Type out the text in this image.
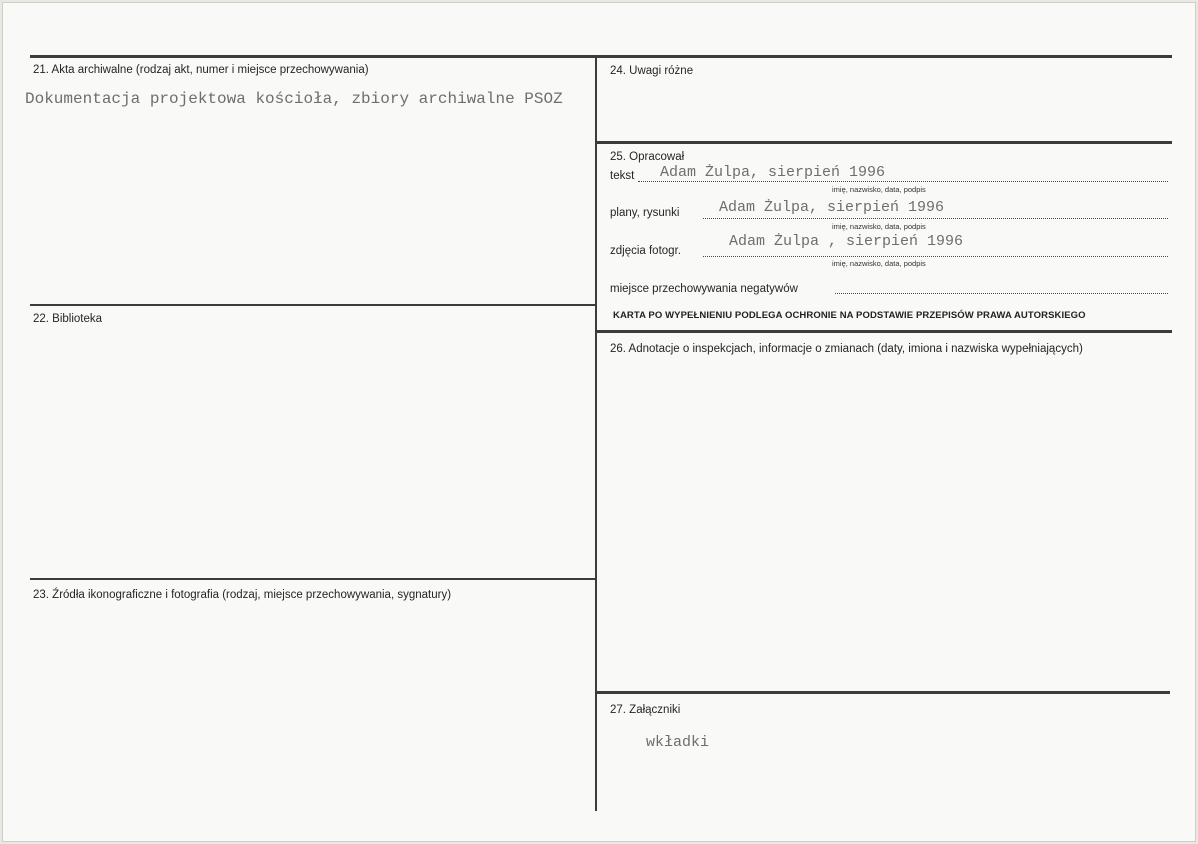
21. Akta archiwalne (rodzaj akt, numer i miejsce przechowywania)
Dokumentacja projektowa kościoła, zbiory archiwalne PSOZ
22. Biblioteka
23. Źródła ikonograficzne i fotografia (rodzaj, miejsce przechowywania, sygnatury)
24. Uwagi różne
25. Opracował
tekst Adam Żulpa, sierpień 1996
imię, nazwisko, data, podpis
plany, rysunki	Adam Żulpa, sierpień 1996
imię, nazwisko, data, podpis
zdjęcia fotogr.
Adam Żulpa , sierpień 1996
imię, nazwisko, data, podpis
miejsce przechowywania negatywów
KARTA PO WYPEŁNIENIU PODLEGA OCHRONIE NA PODSTAWIE PRZEPISÓW PRAWA AUTORSKIEGO
26. Adnotacje o inspekcjach, informacje o zmianach (daty, imiona i nazwiska wypełniających)
27. Załączniki
wkładki
